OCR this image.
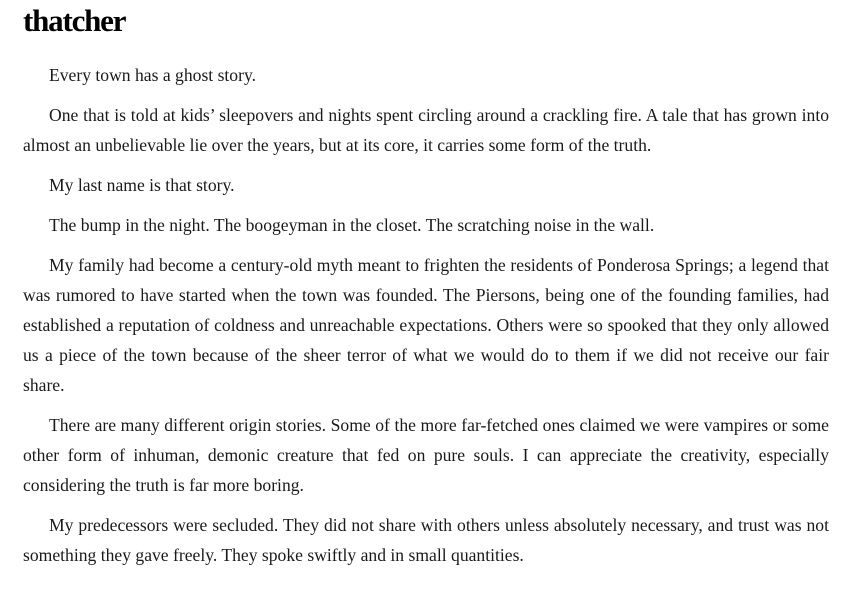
thatcher

Every town has a ghost story.

One that is told at kids’ sleepovers and nights spent circling around a crackling fire. A tale that has grown into almost an unbelievable lie over the years, but at its core, it carries some form of the truth.

My last name is that story.

The bump in the night. The boogeyman in the closet. The scratching noise in the wall.

My family had become a century-old myth meant to frighten the residents of Ponderosa Springs; a legend that was rumored to have started when the town was founded. The Piersons, being one of the founding families, had established a reputation of coldness and unreachable expectations. Others were so spooked that they only allowed us a piece of the town because of the sheer terror of what we would do to them if we did not receive our fair share.

There are many different origin stories. Some of the more far-fetched ones claimed we were vampires or some other form of inhuman, demonic creature that fed on pure souls. I can appreciate the creativity, especially considering the truth is far more boring.

My predecessors were secluded. They did not share with others unless absolutely necessary, and trust was not something they gave freely. They spoke swiftly and in small quantities.
